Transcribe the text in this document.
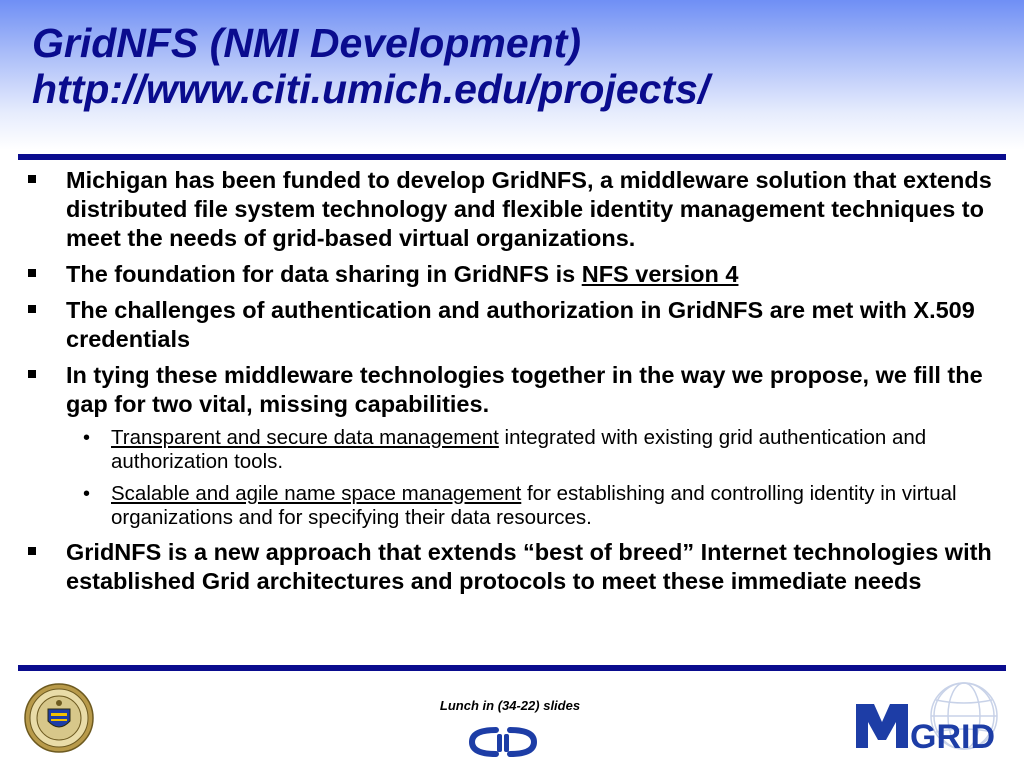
GridNFS (NMI Development)
http://www.citi.umich.edu/projects/
Michigan has been funded to develop GridNFS, a middleware solution that extends distributed file system technology and flexible identity management techniques to meet the needs of grid-based virtual organizations.
The foundation for data sharing in GridNFS is NFS version 4
The challenges of authentication and authorization in GridNFS are met with X.509 credentials
In tying these middleware technologies together in the way we propose, we fill the gap for two vital, missing capabilities.
• Transparent and secure data management integrated with existing grid authentication and authorization tools.
• Scalable and agile name space management for establishing and controlling identity in virtual organizations and for specifying their data resources.
GridNFS is a new approach that extends “best of breed” Internet technologies with established Grid architectures and protocols to meet these immediate needs
Lunch in (34-22) slides
GRID
